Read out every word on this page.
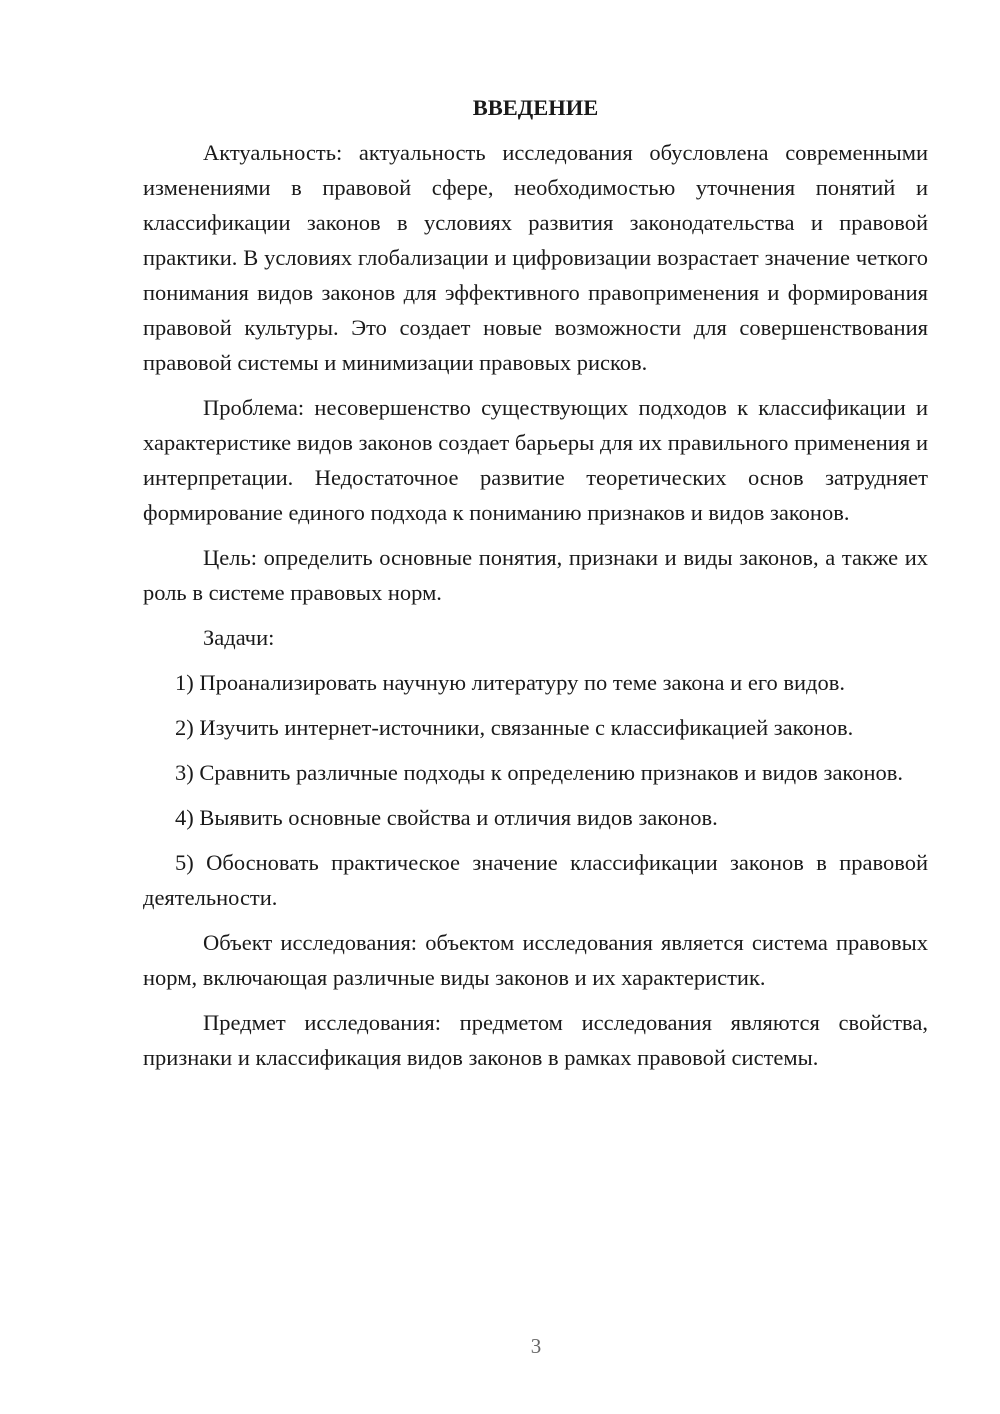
ВВЕДЕНИЕ

Актуальность: актуальность исследования обусловлена современными изменениями в правовой сфере, необходимостью уточнения понятий и классификации законов в условиях развития законодательства и правовой практики. В условиях глобализации и цифровизации возрастает значение четкого понимания видов законов для эффективного правоприменения и формирования правовой культуры. Это создает новые возможности для совершенствования правовой системы и минимизации правовых рисков.

Проблема: несовершенство существующих подходов к классификации и характеристике видов законов создает барьеры для их правильного применения и интерпретации. Недостаточное развитие теоретических основ затрудняет формирование единого подхода к пониманию признаков и видов законов.

Цель: определить основные понятия, признаки и виды законов, а также их роль в системе правовых норм.

Задачи:

1) Проанализировать научную литературу по теме закона и его видов.

2) Изучить интернет-источники, связанные с классификацией законов.

3) Сравнить различные подходы к определению признаков и видов законов.

4) Выявить основные свойства и отличия видов законов.

5) Обосновать практическое значение классификации законов в правовой деятельности.

Объект исследования: объектом исследования является система правовых норм, включающая различные виды законов и их характеристик.

Предмет исследования: предметом исследования являются свойства, признаки и классификация видов законов в рамках правовой системы.

3
